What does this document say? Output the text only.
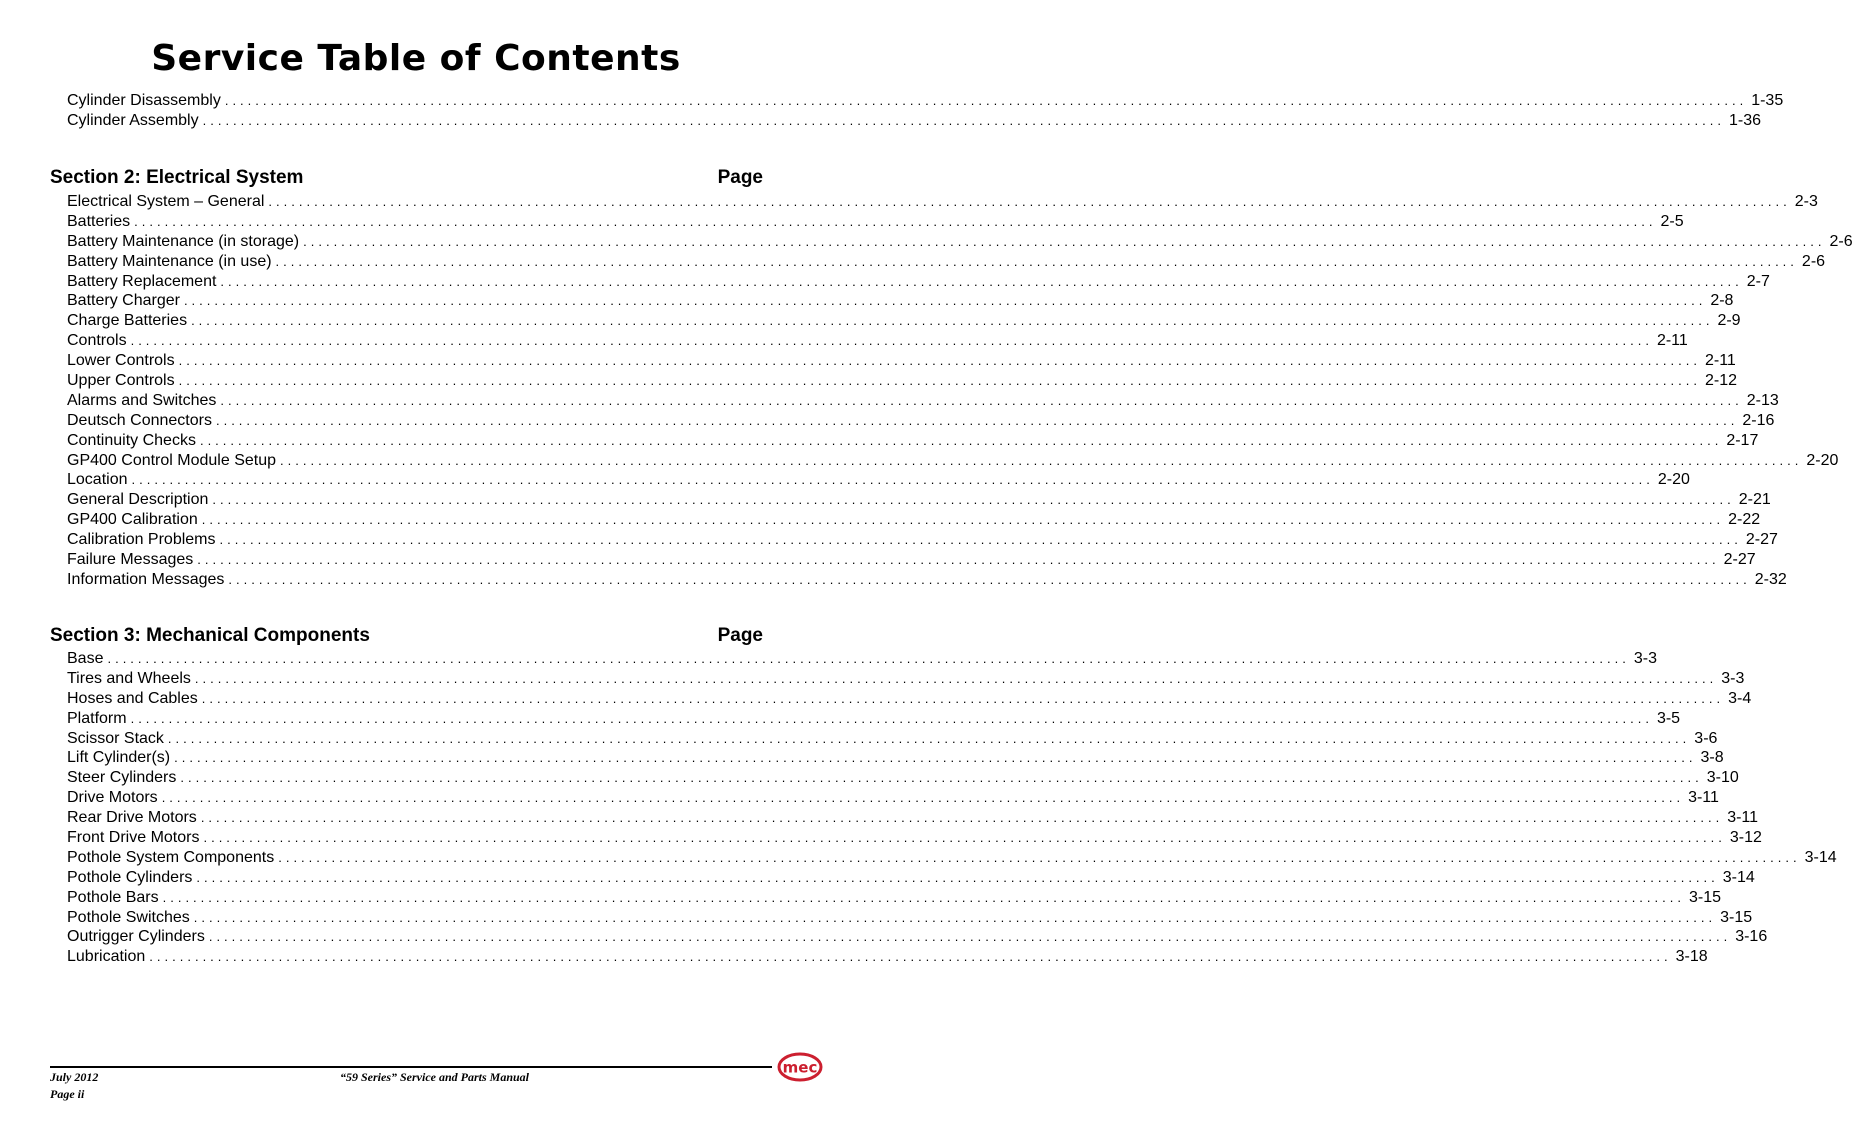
Service Table of Contents
Cylinder Disassembly ........................................................................................................................................................................................................ 1-35
Cylinder Assembly ........................................................................................................................................................................................................ 1-36
Section 2: Electrical System	Page
Electrical System – General ........................................................................................................................................................................................................ 2-3
Batteries ........................................................................................................................................................................................................ 2-5
Battery Maintenance (in storage) ........................................................................................................................................................................................................ 2-6
Battery Maintenance (in use) ........................................................................................................................................................................................................ 2-6
Battery Replacement ........................................................................................................................................................................................................ 2-7
Battery Charger ........................................................................................................................................................................................................ 2-8
Charge Batteries ........................................................................................................................................................................................................ 2-9
Controls ........................................................................................................................................................................................................ 2-11
Lower Controls ........................................................................................................................................................................................................ 2-11
Upper Controls ........................................................................................................................................................................................................ 2-12
Alarms and Switches ........................................................................................................................................................................................................ 2-13
Deutsch Connectors ........................................................................................................................................................................................................ 2-16
Continuity Checks ........................................................................................................................................................................................................ 2-17
GP400 Control Module Setup ........................................................................................................................................................................................................ 2-20
Location ........................................................................................................................................................................................................ 2-20
General Description ........................................................................................................................................................................................................ 2-21
GP400 Calibration ........................................................................................................................................................................................................ 2-22
Calibration Problems ........................................................................................................................................................................................................ 2-27
Failure Messages ........................................................................................................................................................................................................ 2-27
Information Messages ........................................................................................................................................................................................................ 2-32
Section 3: Mechanical Components	Page
Base ........................................................................................................................................................................................................ 3-3
Tires and Wheels ........................................................................................................................................................................................................ 3-3
Hoses and Cables ........................................................................................................................................................................................................ 3-4
Platform ........................................................................................................................................................................................................ 3-5
Scissor Stack ........................................................................................................................................................................................................ 3-6
Lift Cylinder(s) ........................................................................................................................................................................................................ 3-8
Steer Cylinders ........................................................................................................................................................................................................ 3-10
Drive Motors ........................................................................................................................................................................................................ 3-11
Rear Drive Motors ........................................................................................................................................................................................................ 3-11
Front Drive Motors ........................................................................................................................................................................................................ 3-12
Pothole System Components ........................................................................................................................................................................................................ 3-14
Pothole Cylinders ........................................................................................................................................................................................................ 3-14
Pothole Bars ........................................................................................................................................................................................................ 3-15
Pothole Switches ........................................................................................................................................................................................................ 3-15
Outrigger Cylinders ........................................................................................................................................................................................................ 3-16
Lubrication ........................................................................................................................................................................................................ 3-18
July 2012
Page ii
“59 Series” Service and Parts Manual
mec
